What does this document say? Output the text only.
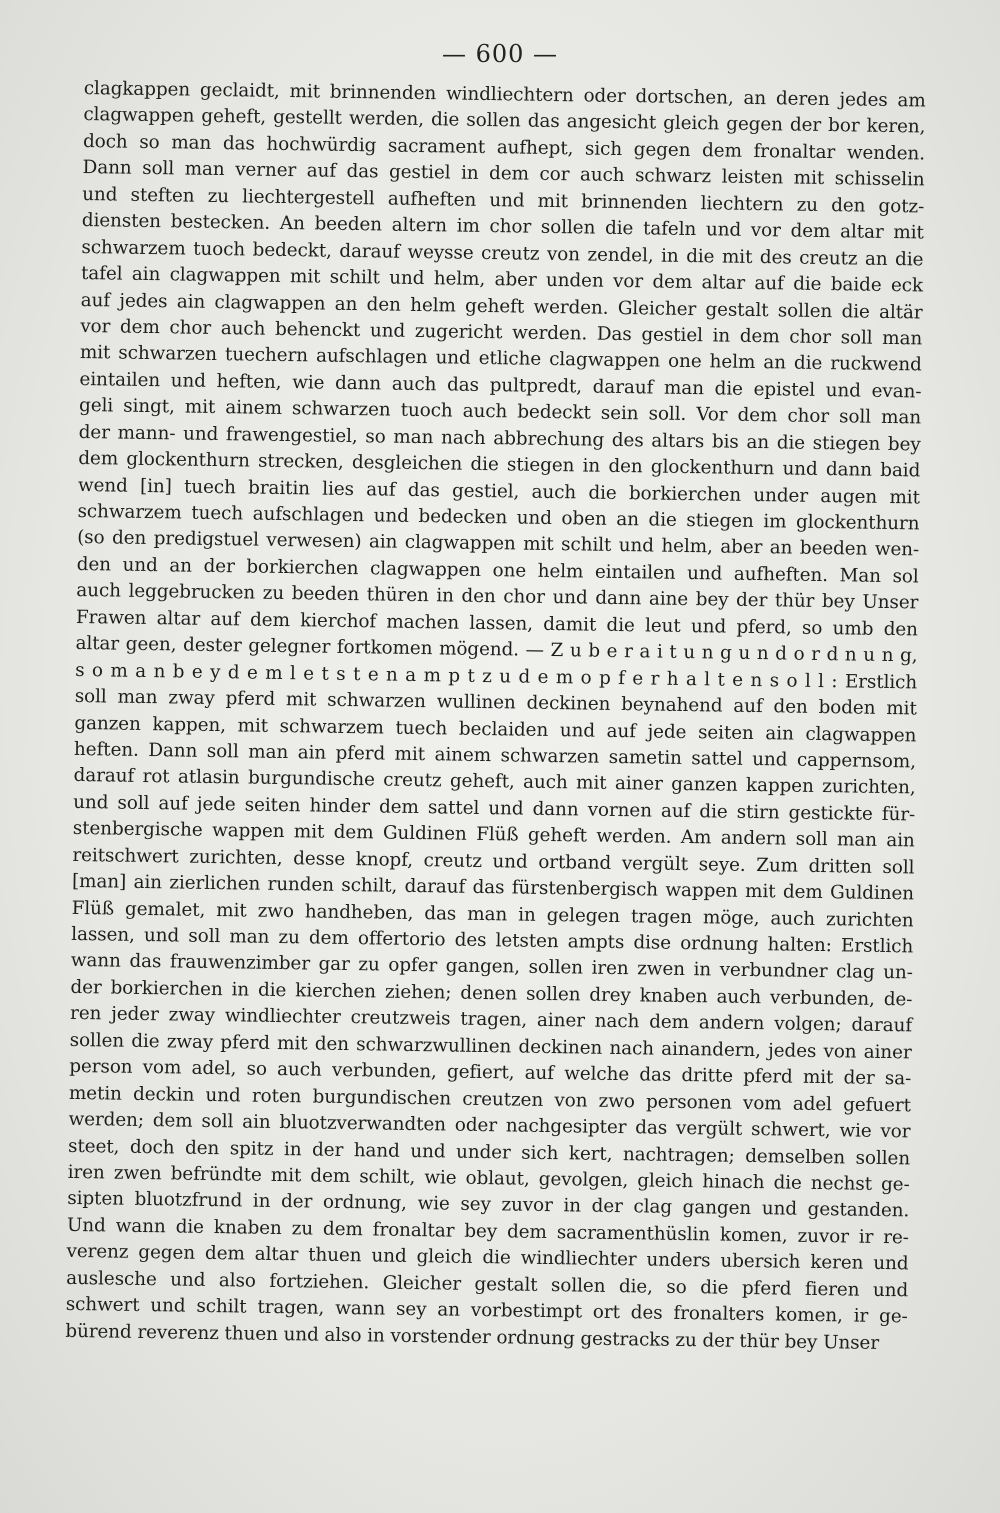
— 600 —
clagkappen geclaidt, mit brinnenden windliechtern oder dortschen, an deren jedes am
clagwappen geheft, gestellt werden, die sollen das angesicht gleich gegen der bor keren,
doch so man das hochwürdig sacrament aufhept, sich gegen dem fronaltar wenden.
Dann soll man verner auf das gestiel in dem cor auch schwarz leisten mit schisselin
und steften zu liechtergestell aufheften und mit brinnenden liechtern zu den gotz-
diensten bestecken. An beeden altern im chor sollen die tafeln und vor dem altar mit
schwarzem tuoch bedeckt, darauf weysse creutz von zendel, in die mit des creutz an die
tafel ain clagwappen mit schilt und helm, aber unden vor dem altar auf die baide eck
auf jedes ain clagwappen an den helm geheft werden. Gleicher gestalt sollen die altär
vor dem chor auch behenckt und zugericht werden. Das gestiel in dem chor soll man
mit schwarzen tuechern aufschlagen und etliche clagwappen one helm an die ruckwend
eintailen und heften, wie dann auch das pultpredt, darauf man die epistel und evan-
geli singt, mit ainem schwarzen tuoch auch bedeckt sein soll. Vor dem chor soll man
der mann- und frawengestiel, so man nach abbrechung des altars bis an die stiegen bey
dem glockenthurn strecken, desgleichen die stiegen in den glockenthurn und dann baid
wend [in] tuech braitin lies auf das gestiel, auch die borkierchen under augen mit
schwarzem tuech aufschlagen und bedecken und oben an die stiegen im glockenthurn
(so den predigstuel verwesen) ain clagwappen mit schilt und helm, aber an beeden wen-
den und an der borkierchen clagwappen one helm eintailen und aufheften. Man sol
auch leggebrucken zu beeden thüren in den chor und dann aine bey der thür bey Unser
Frawen altar auf dem kierchof machen lassen, damit die leut und pferd, so umb den
altar geen, dester gelegner fortkomen mögend. — Z u b e r a i t u n g u n d o r d n u n g,
s o m a n b e y d e m l e t s t e n a m p t z u d e m o p f e r h a l t e n s o l l : Erstlich
soll man zway pferd mit schwarzen wullinen deckinen beynahend auf den boden mit
ganzen kappen, mit schwarzem tuech beclaiden und auf jede seiten ain clagwappen
heften. Dann soll man ain pferd mit ainem schwarzen sametin sattel und cappernsom,
darauf rot atlasin burgundische creutz geheft, auch mit ainer ganzen kappen zurichten,
und soll auf jede seiten hinder dem sattel und dann vornen auf die stirn gestickte für-
stenbergische wappen mit dem Guldinen Flüß geheft werden. Am andern soll man ain
reitschwert zurichten, desse knopf, creutz und ortband vergült seye. Zum dritten soll
[man] ain zierlichen runden schilt, darauf das fürstenbergisch wappen mit dem Guldinen
Flüß gemalet, mit zwo handheben, das man in gelegen tragen möge, auch zurichten
lassen, und soll man zu dem offertorio des letsten ampts dise ordnung halten: Erstlich
wann das frauwenzimber gar zu opfer gangen, sollen iren zwen in verbundner clag un-
der borkierchen in die kierchen ziehen; denen sollen drey knaben auch verbunden, de-
ren jeder zway windliechter creutzweis tragen, ainer nach dem andern volgen; darauf
sollen die zway pferd mit den schwarzwullinen deckinen nach ainandern, jedes von ainer
person vom adel, so auch verbunden, gefiert, auf welche das dritte pferd mit der sa-
metin deckin und roten burgundischen creutzen von zwo personen vom adel gefuert
werden; dem soll ain bluotzverwandten oder nachgesipter das vergült schwert, wie vor
steet, doch den spitz in der hand und under sich kert, nachtragen; demselben sollen
iren zwen befründte mit dem schilt, wie oblaut, gevolgen, gleich hinach die nechst ge-
sipten bluotzfrund in der ordnung, wie sey zuvor in der clag gangen und gestanden.
Und wann die knaben zu dem fronaltar bey dem sacramenthüslin komen, zuvor ir re-
verenz gegen dem altar thuen und gleich die windliechter unders ubersich keren und
auslesche und also fortziehen. Gleicher gestalt sollen die, so die pferd fieren und
schwert und schilt tragen, wann sey an vorbestimpt ort des fronalters komen, ir ge-
bürend reverenz thuen und also in vorstender ordnung gestracks zu der thür bey Unser
